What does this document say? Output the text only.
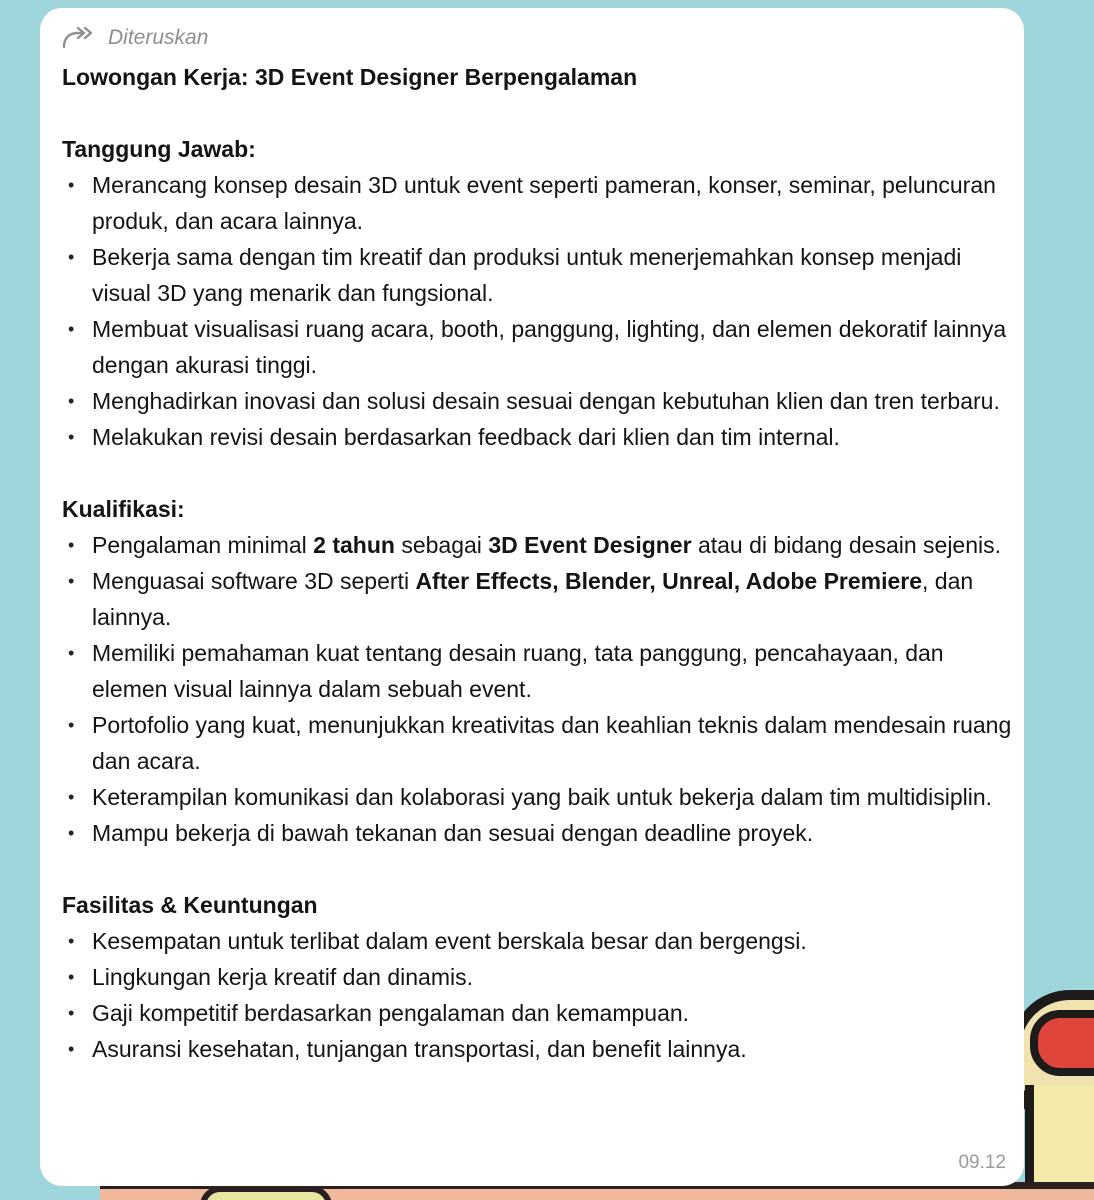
Diteruskan

Lowongan Kerja: 3D Event Designer Berpengalaman

Tanggung Jawab:

• Merancang konsep desain 3D untuk event seperti pameran, konser, seminar, peluncuran produk, dan acara lainnya.
• Bekerja sama dengan tim kreatif dan produksi untuk menerjemahkan konsep menjadi visual 3D yang menarik dan fungsional.
• Membuat visualisasi ruang acara, booth, panggung, lighting, dan elemen dekoratif lainnya dengan akurasi tinggi.
• Menghadirkan inovasi dan solusi desain sesuai dengan kebutuhan klien dan tren terbaru.
• Melakukan revisi desain berdasarkan feedback dari klien dan tim internal.

Kualifikasi:

• Pengalaman minimal 2 tahun sebagai 3D Event Designer atau di bidang desain sejenis.
• Menguasai software 3D seperti After Effects, Blender, Unreal, Adobe Premiere, dan lainnya.
• Memiliki pemahaman kuat tentang desain ruang, tata panggung, pencahayaan, dan elemen visual lainnya dalam sebuah event.
• Portofolio yang kuat, menunjukkan kreativitas dan keahlian teknis dalam mendesain ruang dan acara.
• Keterampilan komunikasi dan kolaborasi yang baik untuk bekerja dalam tim multidisiplin.
• Mampu bekerja di bawah tekanan dan sesuai dengan deadline proyek.

Fasilitas & Keuntungan

• Kesempatan untuk terlibat dalam event berskala besar dan bergengsi.
• Lingkungan kerja kreatif dan dinamis.
• Gaji kompetitif berdasarkan pengalaman dan kemampuan.
• Asuransi kesehatan, tunjangan transportasi, dan benefit lainnya.
09.12
